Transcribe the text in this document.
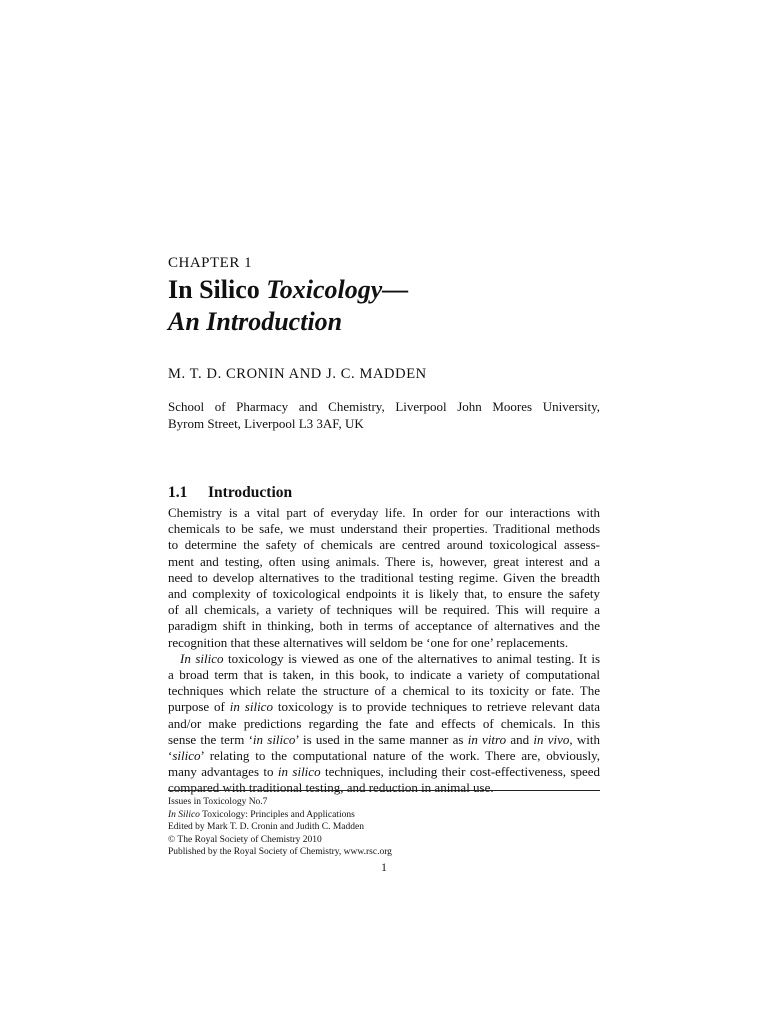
CHAPTER 1
In Silico Toxicology—
An Introduction
M. T. D. CRONIN AND J. C. MADDEN
School of Pharmacy and Chemistry, Liverpool John Moores University,
Byrom Street, Liverpool L3 3AF, UK
1.1 Introduction
Chemistry is a vital part of everyday life. In order for our interactions with
chemicals to be safe, we must understand their properties. Traditional methods
to determine the safety of chemicals are centred around toxicological assess-
ment and testing, often using animals. There is, however, great interest and a
need to develop alternatives to the traditional testing regime. Given the breadth
and complexity of toxicological endpoints it is likely that, to ensure the safety
of all chemicals, a variety of techniques will be required. This will require a
paradigm shift in thinking, both in terms of acceptance of alternatives and the
recognition that these alternatives will seldom be ‘one for one’ replacements.
In silico toxicology is viewed as one of the alternatives to animal testing. It is
a broad term that is taken, in this book, to indicate a variety of computational
techniques which relate the structure of a chemical to its toxicity or fate. The
purpose of in silico toxicology is to provide techniques to retrieve relevant data
and/or make predictions regarding the fate and effects of chemicals. In this
sense the term ‘in silico’ is used in the same manner as in vitro and in vivo, with
‘silico’ relating to the computational nature of the work. There are, obviously,
many advantages to in silico techniques, including their cost-effectiveness, speed
compared with traditional testing, and reduction in animal use.
Issues in Toxicology No.7
In Silico Toxicology: Principles and Applications
Edited by Mark T. D. Cronin and Judith C. Madden
© The Royal Society of Chemistry 2010
Published by the Royal Society of Chemistry, www.rsc.org
1
